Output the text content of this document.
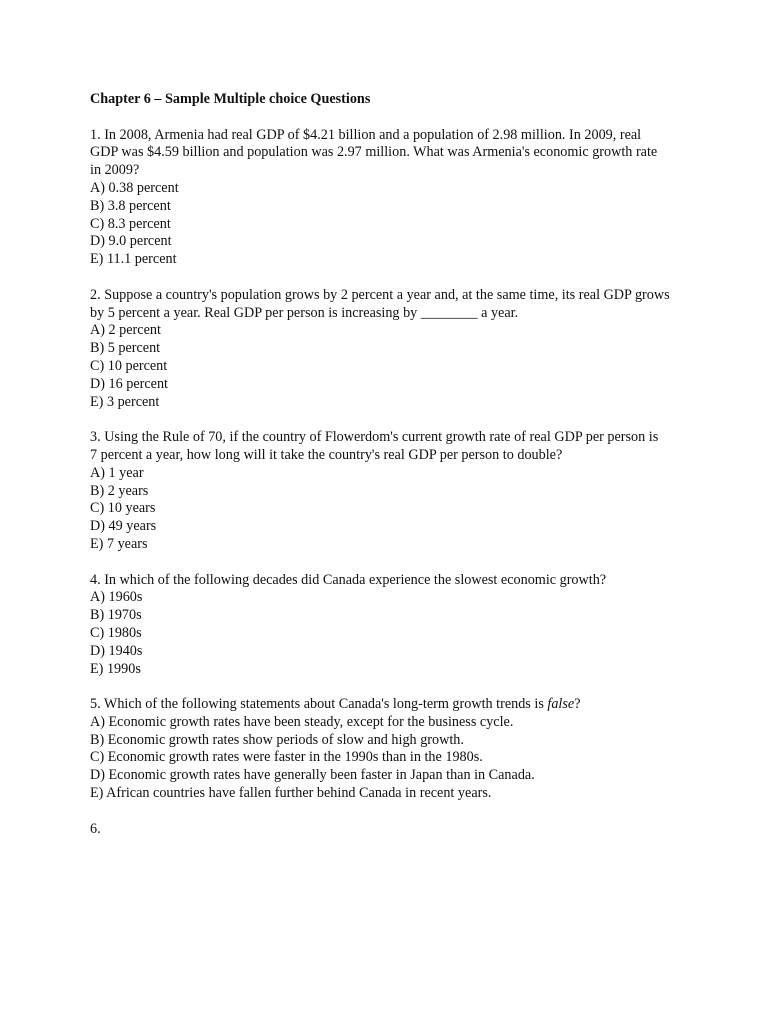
Chapter 6 – Sample Multiple choice Questions
1. In 2008, Armenia had real GDP of $4.21 billion and a population of 2.98 million. In 2009, real GDP was $4.59 billion and population was 2.97 million. What was Armenia's economic growth rate in 2009?
A) 0.38 percent
B) 3.8 percent
C) 8.3 percent
D) 9.0 percent
E) 11.1 percent
2. Suppose a country's population grows by 2 percent a year and, at the same time, its real GDP grows by 5 percent a year. Real GDP per person is increasing by ________ a year.
A) 2 percent
B) 5 percent
C) 10 percent
D) 16 percent
E) 3 percent
3. Using the Rule of 70, if the country of Flowerdom's current growth rate of real GDP per person is 7 percent a year, how long will it take the country's real GDP per person to double?
A) 1 year
B) 2 years
C) 10 years
D) 49 years
E) 7 years
4. In which of the following decades did Canada experience the slowest economic growth?
A) 1960s
B) 1970s
C) 1980s
D) 1940s
E) 1990s
5. Which of the following statements about Canada's long-term growth trends is false?
A) Economic growth rates have been steady, except for the business cycle.
B) Economic growth rates show periods of slow and high growth.
C) Economic growth rates were faster in the 1990s than in the 1980s.
D) Economic growth rates have generally been faster in Japan than in Canada.
E) African countries have fallen further behind Canada in recent years.
6.
